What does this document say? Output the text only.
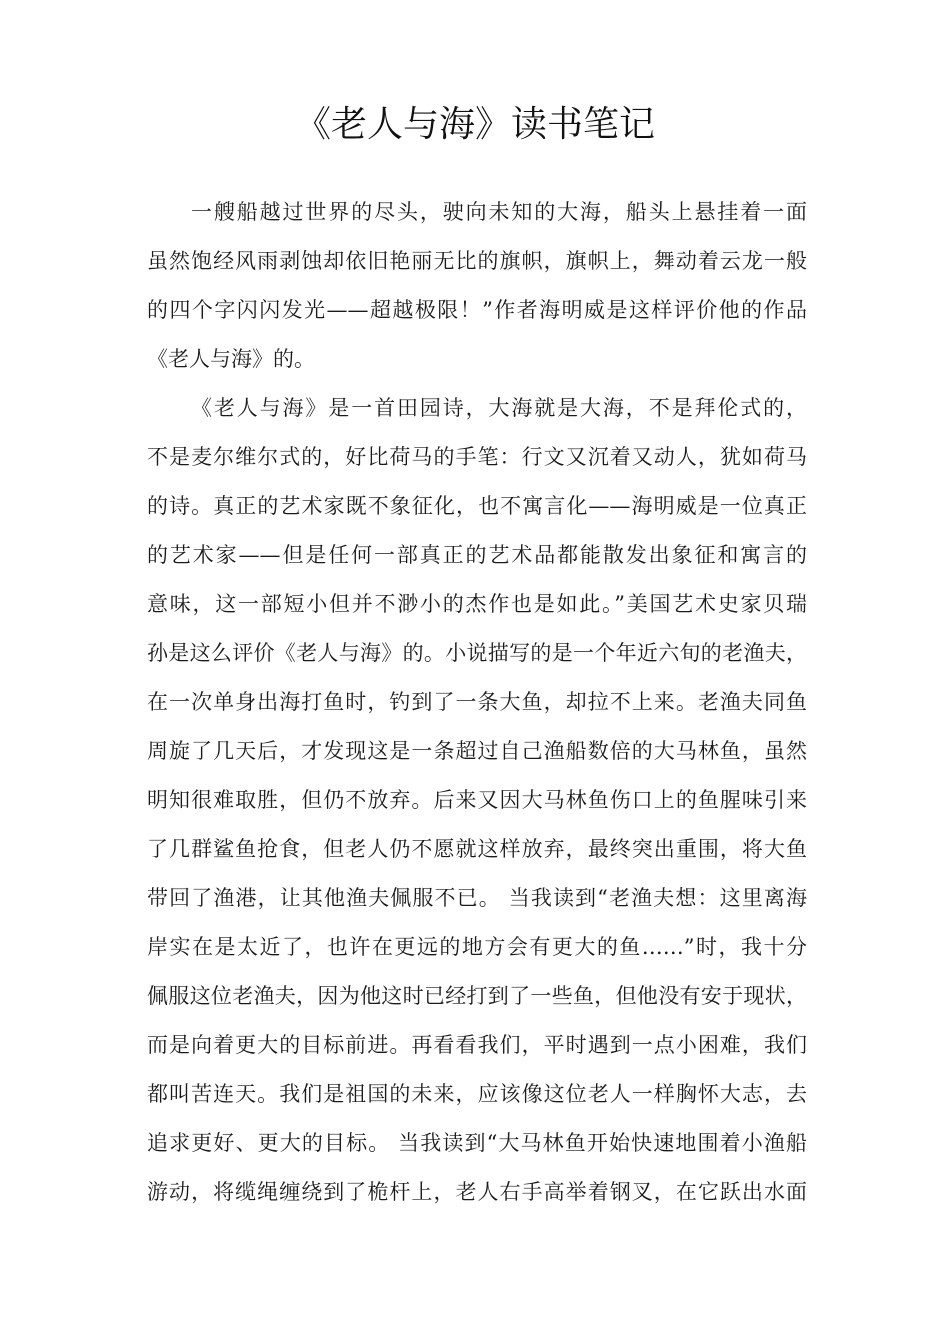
《老人与海》读书笔记
一艘船越过世界的尽头，驶向未知的大海，船头上悬挂着一面
虽然饱经风雨剥蚀却依旧艳丽无比的旗帜，旗帜上，舞动着云龙一般
的四个字闪闪发光——超越极限！”作者海明威是这样评价他的作品
《老人与海》的。
《老人与海》是一首田园诗，大海就是大海，不是拜伦式的，
不是麦尔维尔式的，好比荷马的手笔：行文又沉着又动人，犹如荷马
的诗。真正的艺术家既不象征化，也不寓言化——海明威是一位真正
的艺术家——但是任何一部真正的艺术品都能散发出象征和寓言的
意味，这一部短小但并不渺小的杰作也是如此。”美国艺术史家贝瑞
孙是这么评价《老人与海》的。小说描写的是一个年近六旬的老渔夫，
在一次单身出海打鱼时，钓到了一条大鱼，却拉不上来。老渔夫同鱼
周旋了几天后，才发现这是一条超过自己渔船数倍的大马林鱼，虽然
明知很难取胜，但仍不放弃。后来又因大马林鱼伤口上的鱼腥味引来
了几群鲨鱼抢食，但老人仍不愿就这样放弃，最终突出重围，将大鱼
带回了渔港，让其他渔夫佩服不已。 当我读到“老渔夫想：这里离海
岸实在是太近了，也许在更远的地方会有更大的鱼……”时，我十分
佩服这位老渔夫，因为他这时已经打到了一些鱼，但他没有安于现状，
而是向着更大的目标前进。再看看我们，平时遇到一点小困难，我们
都叫苦连天。我们是祖国的未来，应该像这位老人一样胸怀大志，去
追求更好、更大的目标。 当我读到“大马林鱼开始快速地围着小渔船
游动，将缆绳缠绕到了桅杆上，老人右手高举着钢叉，在它跃出水面
